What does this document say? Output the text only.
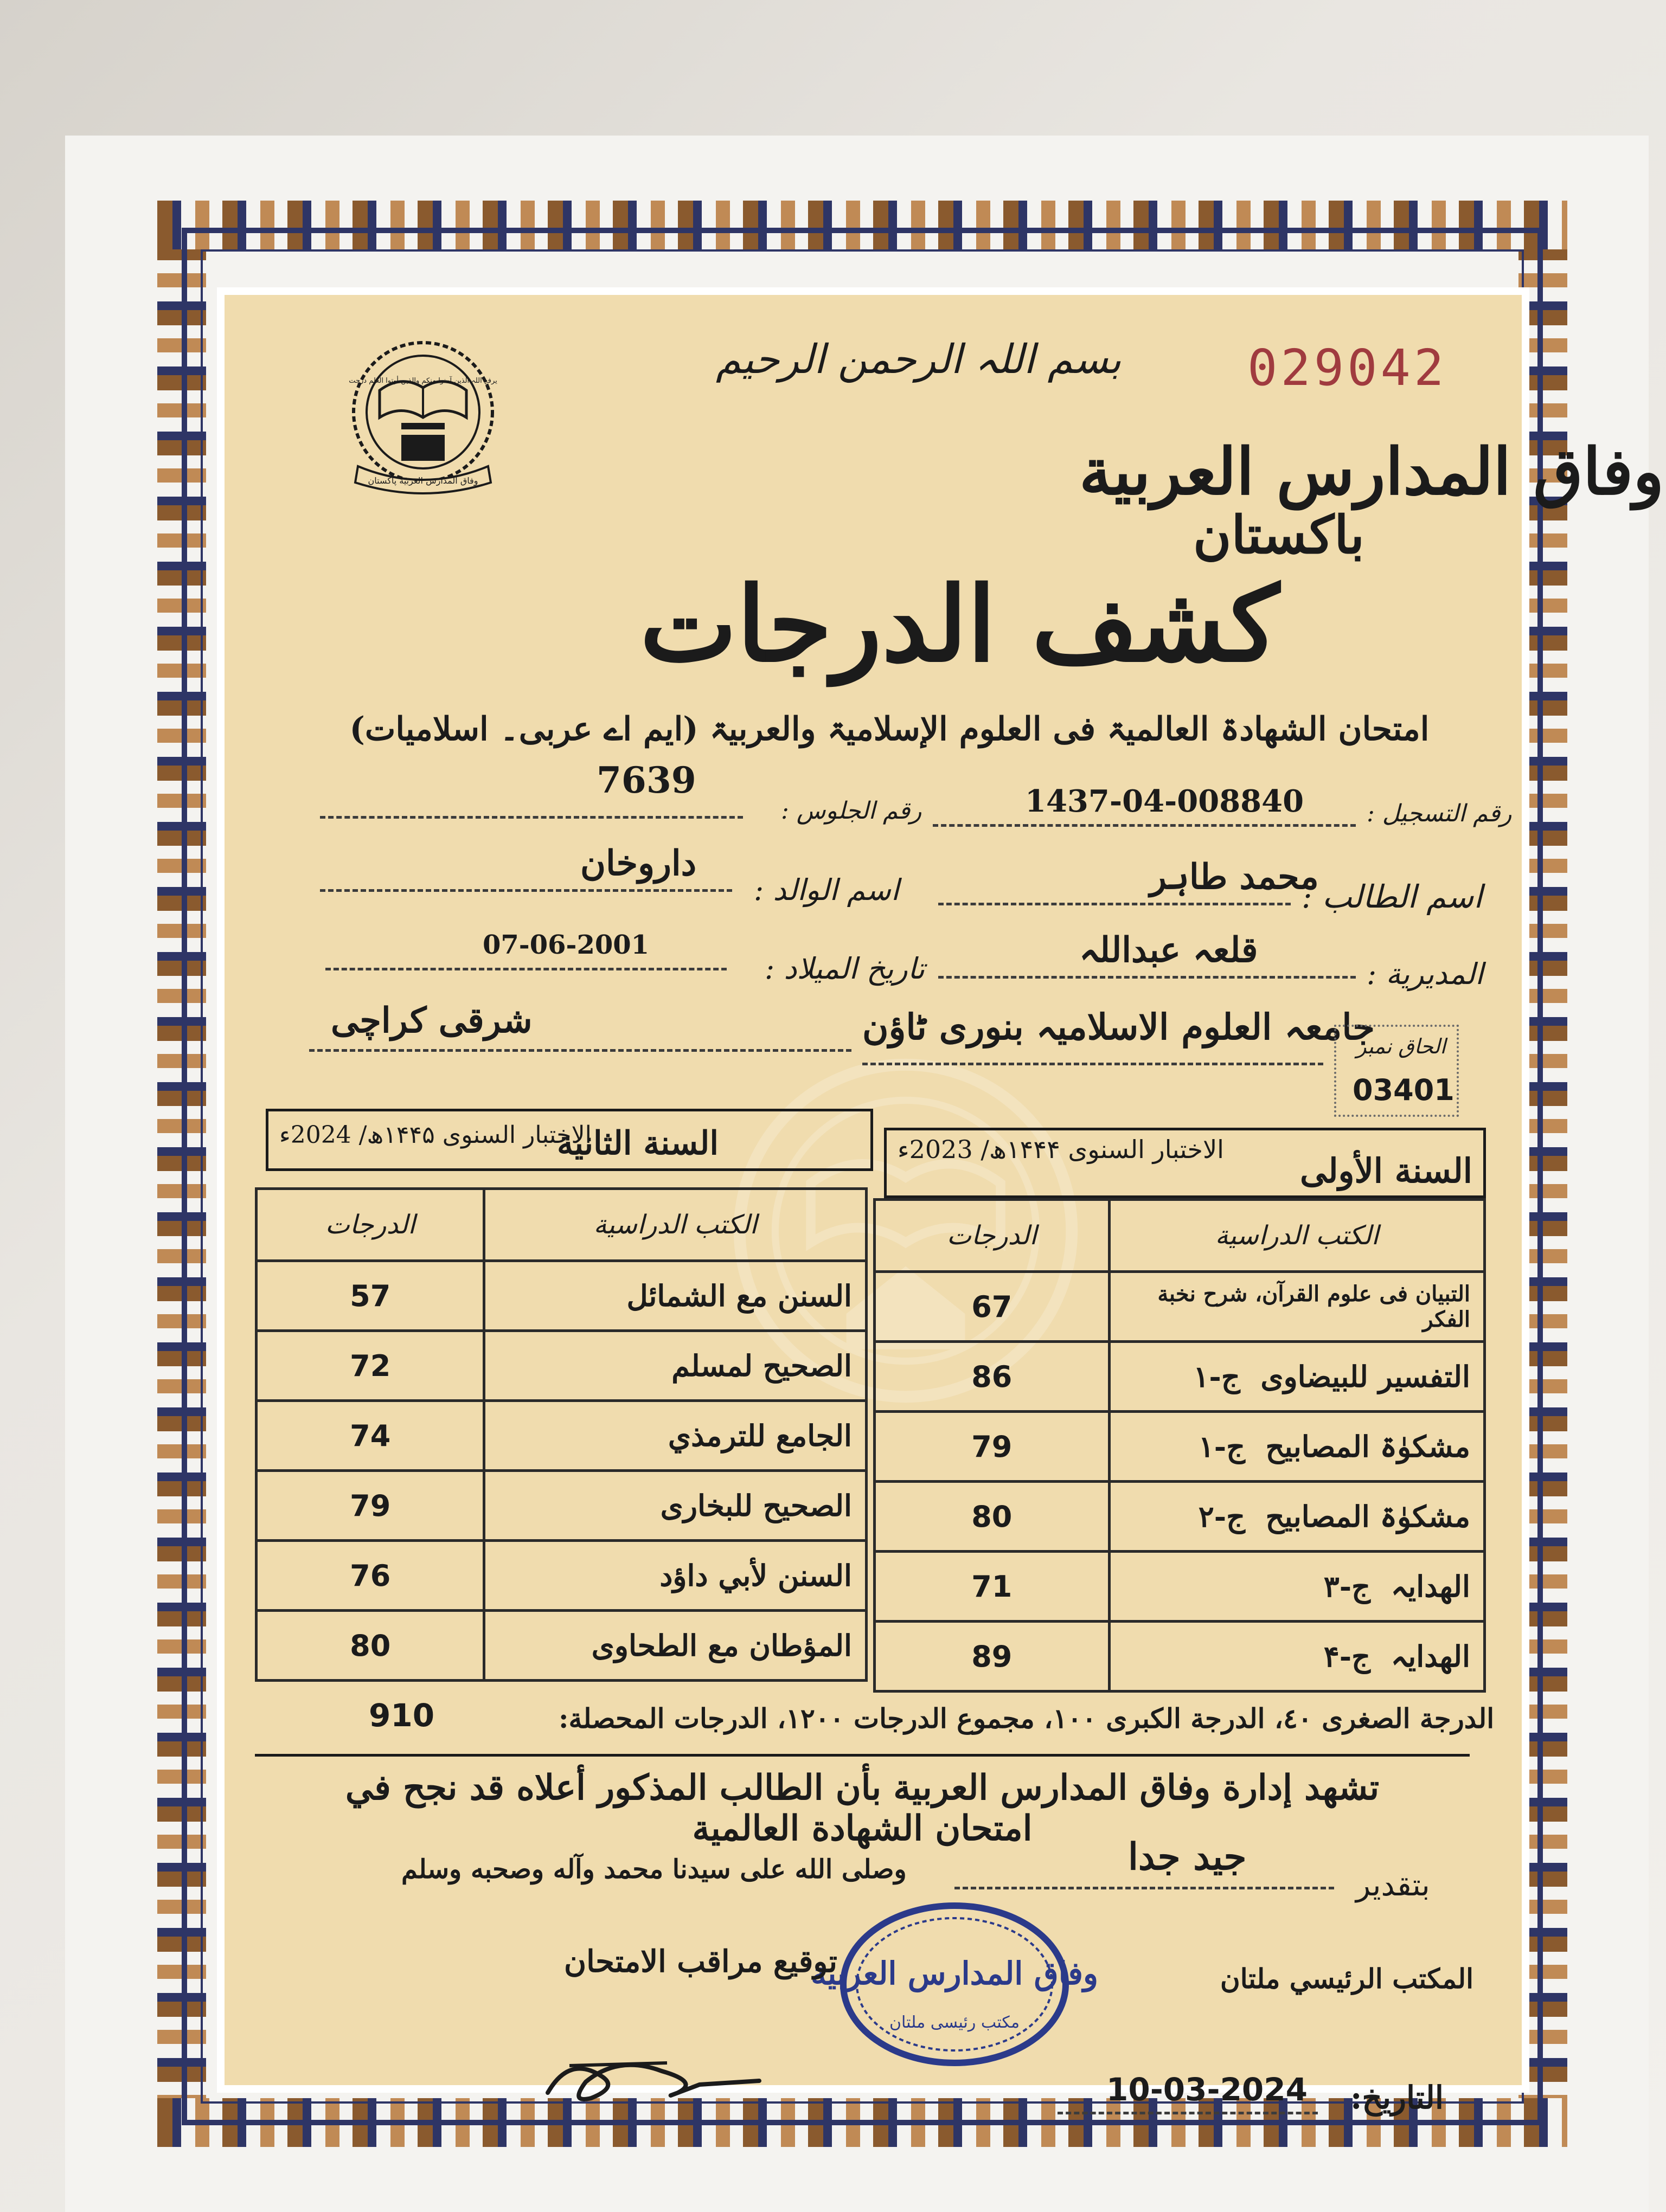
یرفع اللہ الذین آمنوا منکم والذین أوتوا العلم درجت
وفاق المدارس العربیة پاکستان
029042
بسم اللہ الرحمن الرحیم
وفاق المدارس العربیة
باکستان
کشف الدرجات
امتحان الشھادۃ العالمیۃ فی العلوم الإسلامیۃ والعربیۃ (ایم اے عربی۔ اسلامیات)
رقم التسجیل :
1437-04-008840
رقم الجلوس :
7639
اسم الطالب :
محمد طاہر
اسم الوالد :
داروخان
المدیریة :
قلعہ عبداللہ
تاریخ المیلاد :
07-06-2001
جامعہ العلوم الاسلامیہ بنوری ٹاؤن
شرقی کراچی
الحاق نمبر
03401
السنة الأولى
الاختبار السنوی ۱۴۴۴ھ/ 2023ء
السنة الثانية
الاختبار السنوی ۱۴۴۵ھ/ 2024ء
الكتب الدراسية	الدرجات
التبیان فی علوم القرآن، شرح نخبة الفکر	67
التفسیر للبیضاوی  ج-۱	86
مشکوٰۃ المصابیح  ج-۱	79
مشکوٰۃ المصابیح  ج-۲	80
الهدایہ  ج-۳	71
الهدایہ  ج-۴	89
الكتب الدراسية	الدرجات
السنن مع الشمائل	57
الصحیح لمسلم	72
الجامع للترمذي	74
الصحیح للبخاری	79
السنن لأبي داؤد	76
المؤطان مع الطحاوی	80
الدرجة الصغرى ٤٠، الدرجة الكبرى ١٠٠، مجموع الدرجات ١٢٠٠، الدرجات المحصلة:
910
تشهد إدارة وفاق المدارس العربية بأن الطالب المذكور أعلاه قد نجح في امتحان الشهادة العالمية
بتقدير
جید جدا
وصلى الله على سيدنا محمد وآله وصحبه وسلم
وفاق المدارس العربیة
مکتب رئیسی ملتان
المكتب الرئيسي ملتان
توقيع مراقب الامتحان
التاريخ:
10-03-2024
